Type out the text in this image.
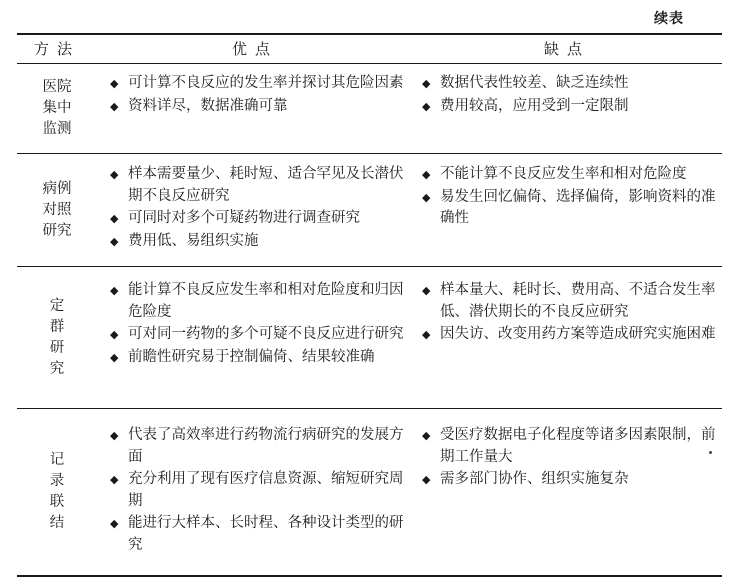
续表
方法	优点	缺点
医院
集中
监测
◆ 可计算不良反应的发生率并探讨其危险因素
◆ 资料详尽，数据准确可靠
◆ 数据代表性较差、缺乏连续性
◆ 费用较高，应用受到一定限制
病例
对照
研究
◆ 样本需要量少、耗时短、适合罕见及长潜伏期不良反应研究
◆ 可同时对多个可疑药物进行调查研究
◆ 费用低、易组织实施
◆ 不能计算不良反应发生率和相对危险度
◆ 易发生回忆偏倚、选择偏倚，影响资料的准确性
定
群
研
究
◆ 能计算不良反应发生率和相对危险度和归因危险度
◆ 可对同一药物的多个可疑不良反应进行研究
◆ 前瞻性研究易于控制偏倚、结果较准确
◆ 样本量大、耗时长、费用高、不适合发生率低、潜伏期长的不良反应研究
◆ 因失访、改变用药方案等造成研究实施困难
记
录
联
结
◆ 代表了高效率进行药物流行病研究的发展方面
◆ 充分利用了现有医疗信息资源、缩短研究周期
◆ 能进行大样本、长时程、各种设计类型的研究
◆ 受医疗数据电子化程度等诸多因素限制，前期工作量大
◆ 需多部门协作、组织实施复杂
